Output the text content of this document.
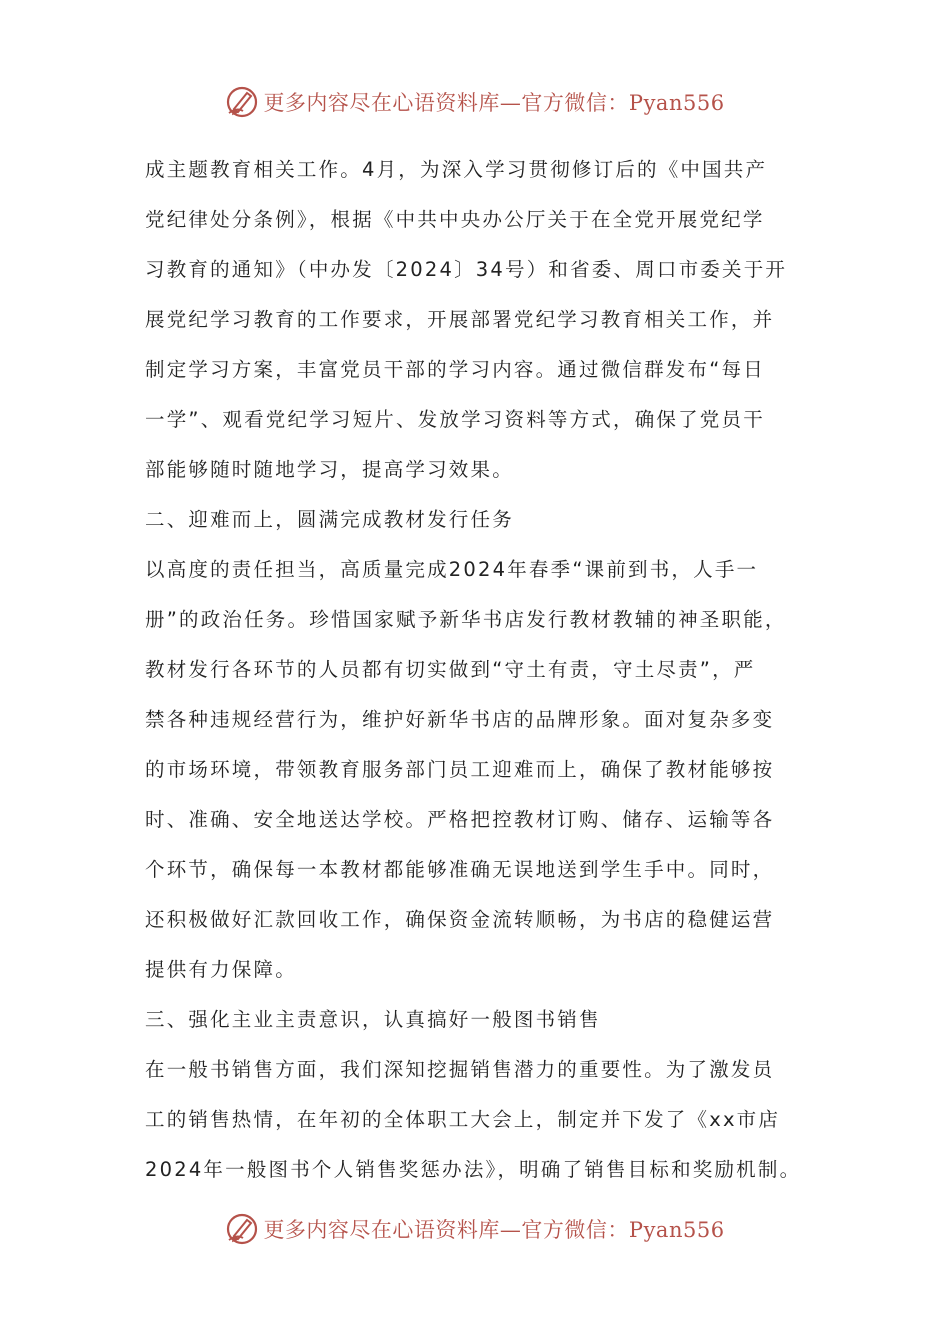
更多内容尽在心语资料库—官方微信：Pyan556
成主题教育相关工作。4月，为深入学习贯彻修订后的《中国共产
党纪律处分条例》，根据《中共中央办公厅关于在全党开展党纪学
习教育的通知》（中办发〔2024〕34号）和省委、周口市委关于开
展党纪学习教育的工作要求，开展部署党纪学习教育相关工作，并
制定学习方案，丰富党员干部的学习内容。通过微信群发布“每日
一学”、观看党纪学习短片、发放学习资料等方式，确保了党员干
部能够随时随地学习，提高学习效果。
二、迎难而上，圆满完成教材发行任务
以高度的责任担当，高质量完成2024年春季“课前到书，人手一
册”的政治任务。珍惜国家赋予新华书店发行教材教辅的神圣职能，
教材发行各环节的人员都有切实做到“守土有责，守土尽责”，严
禁各种违规经营行为，维护好新华书店的品牌形象。面对复杂多变
的市场环境，带领教育服务部门员工迎难而上，确保了教材能够按
时、准确、安全地送达学校。严格把控教材订购、储存、运输等各
个环节，确保每一本教材都能够准确无误地送到学生手中。同时，
还积极做好汇款回收工作，确保资金流转顺畅，为书店的稳健运营
提供有力保障。
三、强化主业主责意识，认真搞好一般图书销售
在一般书销售方面，我们深知挖掘销售潜力的重要性。为了激发员
工的销售热情，在年初的全体职工大会上，制定并下发了《xx市店
2024年一般图书个人销售奖惩办法》，明确了销售目标和奖励机制。
更多内容尽在心语资料库—官方微信：Pyan556
